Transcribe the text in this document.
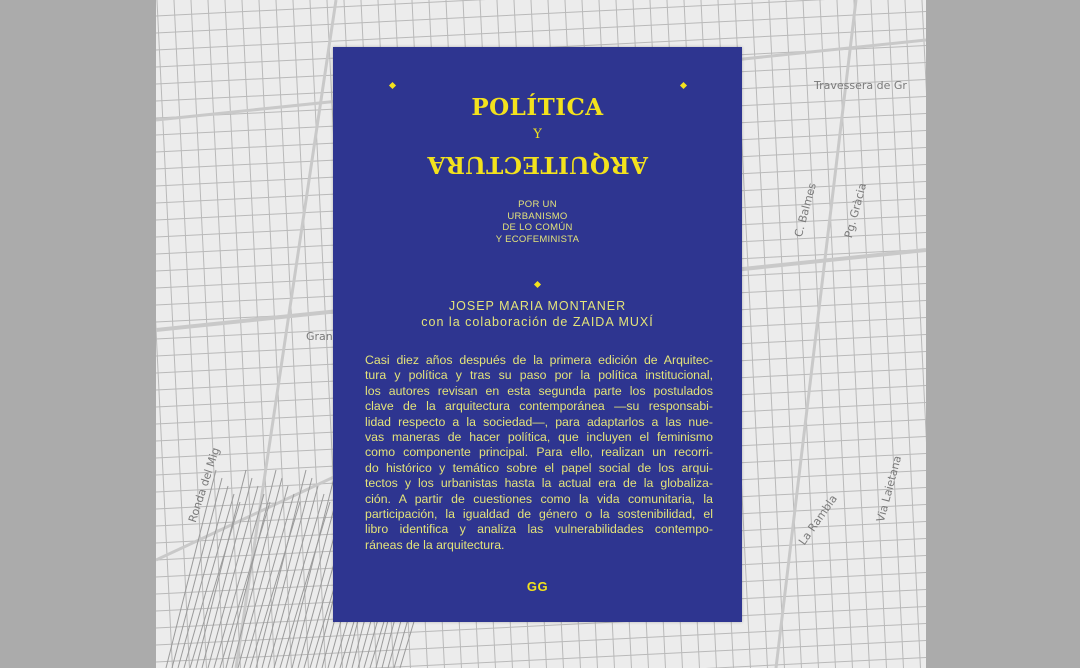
Travessera de Gr
C. Balmes Pg. Gràcia
La Rambla	Via Laietana
Ronda del Mig
Gran
POLÍTICA
Y
ARQUITECTURA
POR UN
URBANISMO
DE LO COMÚN
Y ECOFEMINISTA
JOSEP MARIA MONTANER
con la colaboración de ZAIDA MUXÍ

Casi diez años después de la primera edición de Arquitec-
tura y política y tras su paso por la política institucional,
los autores revisan en esta segunda parte los postulados
clave de la arquitectura contemporánea —su responsabi-
lidad respecto a la sociedad—, para adaptarlos a las nue-
vas maneras de hacer política, que incluyen el feminismo
como componente principal. Para ello, realizan un recorri-
do histórico y temático sobre el papel social de los arqui-
tectos y los urbanistas hasta la actual era de la globaliza-
ción. A partir de cuestiones como la vida comunitaria, la
participación, la igualdad de género o la sostenibilidad, el
libro identifica y analiza las vulnerabilidades contempo-
ráneas de la arquitectura.

GG
